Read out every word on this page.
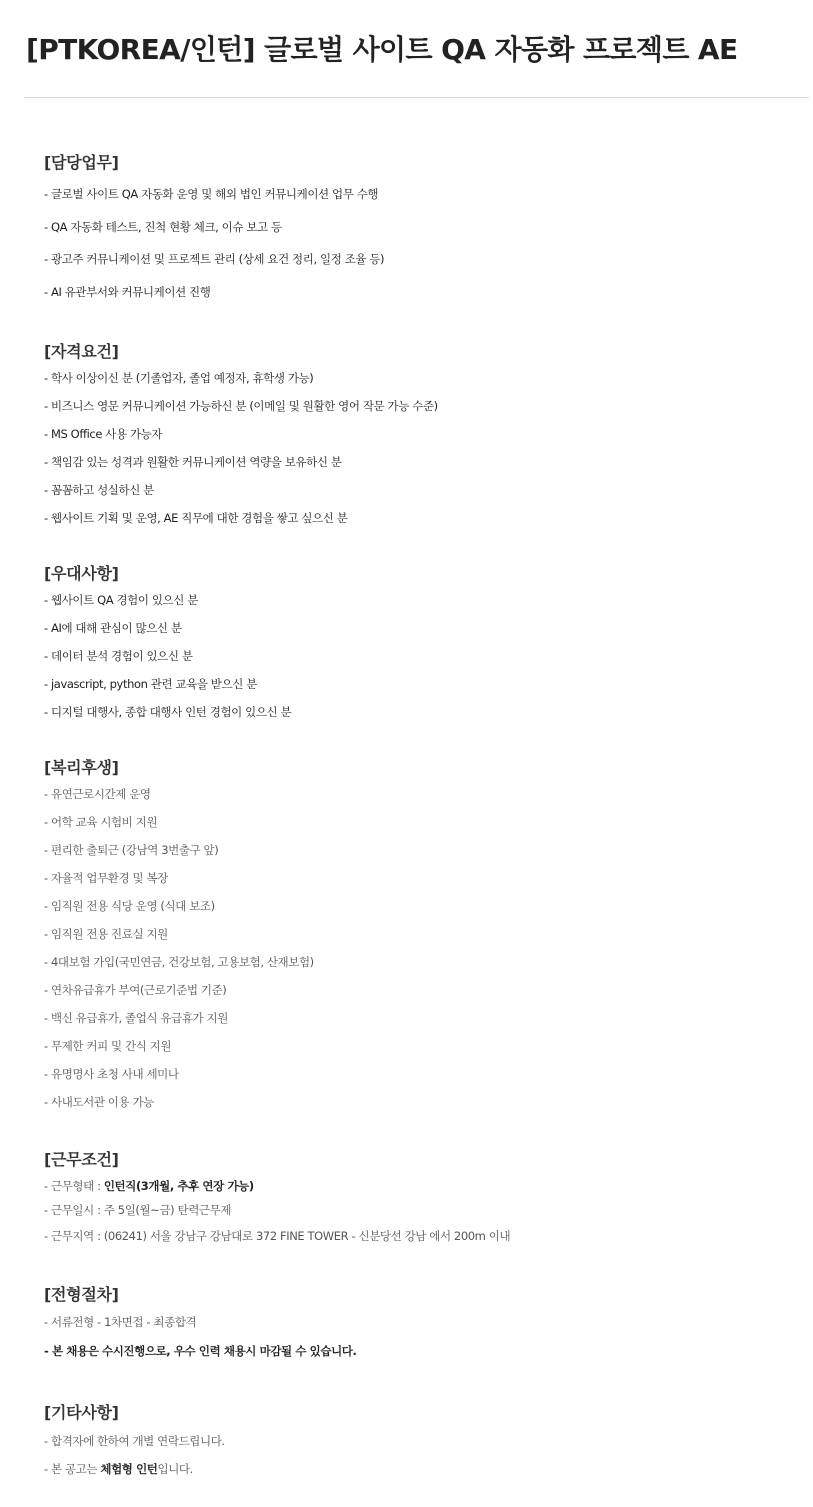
[PTKOREA/인턴] 글로벌 사이트 QA 자동화 프로젝트 AE
[담당업무]
- 글로벌 사이트 QA 자동화 운영 및 해외 법인 커뮤니케이션 업무 수행
- QA 자동화 테스트, 진척 현황 체크, 이슈 보고 등
- 광고주 커뮤니케이션 및 프로젝트 관리 (상세 요건 정리, 일정 조율 등)
- AI 유관부서와 커뮤니케이션 진행
[자격요건]
- 학사 이상이신 분 (기졸업자, 졸업 예정자, 휴학생 가능)
- 비즈니스 영문 커뮤니케이션 가능하신 분 (이메일 및 원활한 영어 작문 가능 수준)
- MS Office 사용 가능자
- 책임감 있는 성격과 원활한 커뮤니케이션 역량을 보유하신 분
- 꼼꼼하고 성실하신 분
- 웹사이트 기획 및 운영, AE 직무에 대한 경험을 쌓고 싶으신 분
[우대사항]
- 웹사이트 QA 경험이 있으신 분
- AI에 대해 관심이 많으신 분
- 데이터 분석 경험이 있으신 분
- javascript, python 관련 교육을 받으신 분
- 디지털 대행사, 종합 대행사 인턴 경험이 있으신 분
[복리후생]
- 유연근로시간제 운영
- 어학 교육 시험비 지원
- 편리한 출퇴근 (강남역 3번출구 앞)
- 자율적 업무환경 및 복장
- 임직원 전용 식당 운영 (식대 보조)
- 임직원 전용 진료실 지원
- 4대보험 가입(국민연금, 건강보험, 고용보험, 산재보험)
- 연차유급휴가 부여(근로기준법 기준)
- 백신 유급휴가, 졸업식 유급휴가 지원
- 무제한 커피 및 간식 지원
- 유명명사 초청 사내 세미나
- 사내도서관 이용 가능
[근무조건]
- 근무형태 : 인턴직(3개월, 추후 연장 가능)
- 근무일시 : 주 5일(월~금) 탄력근무제
- 근무지역 : (06241) 서울 강남구 강남대로 372 FINE TOWER - 신분당선 강남 에서 200m 이내
[전형절차]
- 서류전형 - 1차면접 - 최종합격
- 본 채용은 수시진행으로, 우수 인력 채용시 마감될 수 있습니다.
[기타사항]
- 합격자에 한하여 개별 연락드립니다.
- 본 공고는 체험형 인턴입니다.
